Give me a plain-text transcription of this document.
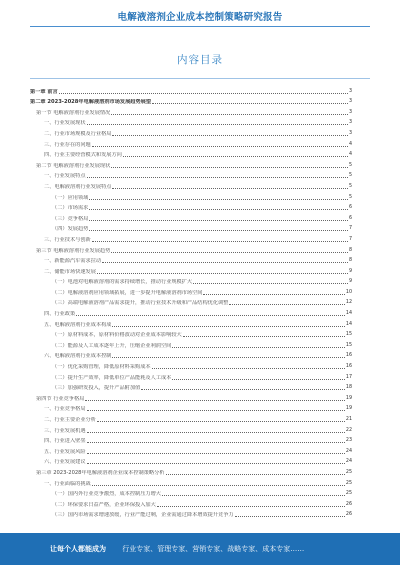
电解液溶剂企业成本控制策略研究报告
内容目录
第一章 前言	3
第二章 2023-2028年电解液溶剂市场发展趋势展望	3
第一节 电解液溶剂行业发展情况	3
一、行业发展现状	3
二、行业市场规模及行业格局	3
三、行业存在的问题	4
四、行业主要经营模式和发展方向	4
第二节 电解液溶剂行业发展现状	5
一、行业发展特点	5
二、电解液溶剂行业发展特点	5
（一）应用领域	5
（二）市场需求	6
（三）竞争格局	6
（四）发展趋势	7
三、行业技术与创新	7
第三节 电解液溶剂行业发展趋势	8
一、新能源汽车需求拉动	8
二、储能市场快速发展	9
（一）电池对电解液溶剂的需求持续增长，推动行业规模扩大	9
（二）电解液溶剂应用领域拓展，进一步提升电解液溶剂市场空间	10
（三）高端电解液溶剂产品需求提升，推动行业技术升级和产品结构优化调整	12
四、行业政策	14
五、电解液溶剂行业成本构成	14
（一）原材料成本，原材料价格波动对企业成本影响较大	15
（二）能源及人工成本逐年上升，压缩企业利润空间	15
六、电解液溶剂行业成本控制	16
（一）优化采购管理，降低原材料采购成本	16
（二）提升生产效率，降低单位产品能耗及人工成本	17
（三）加强研发投入，提升产品附加值	18
第四节 行业竞争格局	19
一、行业竞争格局	19
二、行业主要企业分析	21
三、行业发展机遇	22
四、行业进入壁垒	23
五、行业发展风险	24
六、行业发展建议	24
第三章 2023-2028年电解液溶剂企业成本控制策略分析	25
一、行业面临的挑战	25
（一）国内外行业竞争激烈，成本控制压力增大	25
（二）环保要求日益严格，企业环保投入加大	26
（三）国内市场需求增速放缓，行业产能过剩，企业需通过降本增效提升竞争力	26
让每个人都能成为 行业专家、管理专家、营销专家、战略专家、成本专家……
